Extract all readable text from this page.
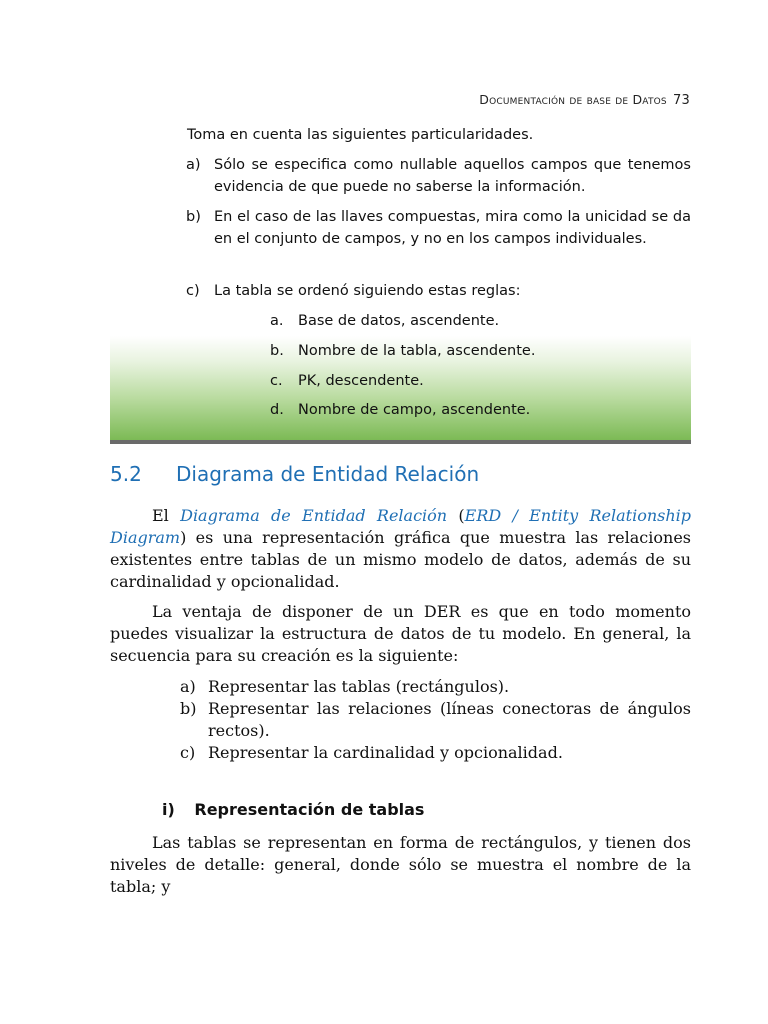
Documentación de base de Datos 73
Toma en cuenta las siguientes particularidades.
a) Sólo se especifica como nullable aquellos campos que tenemos evidencia de que puede no saberse la información.
b) En el caso de las llaves compuestas, mira como la unicidad se da en el conjunto de campos, y no en los campos individuales.
c) La tabla se ordenó siguiendo estas reglas:
a. Base de datos, ascendente.
b. Nombre de la tabla, ascendente.
c. PK, descendente.
d. Nombre de campo, ascendente.
5.2 Diagrama de Entidad Relación
El Diagrama de Entidad Relación (ERD / Entity Relationship Diagram) es una representación gráfica que muestra las relaciones existentes entre tablas de un mismo modelo de datos, además de su cardinalidad y opcionalidad.
La ventaja de disponer de un DER es que en todo momento puedes visualizar la estructura de datos de tu modelo. En general, la secuencia para su creación es la siguiente:
a) Representar las tablas (rectángulos).
b) Representar las relaciones (líneas conectoras de ángulos rectos).
c) Representar la cardinalidad y opcionalidad.
i) Representación de tablas
Las tablas se representan en forma de rectángulos, y tienen dos niveles de detalle: general, donde sólo se muestra el nombre de la tabla; y
